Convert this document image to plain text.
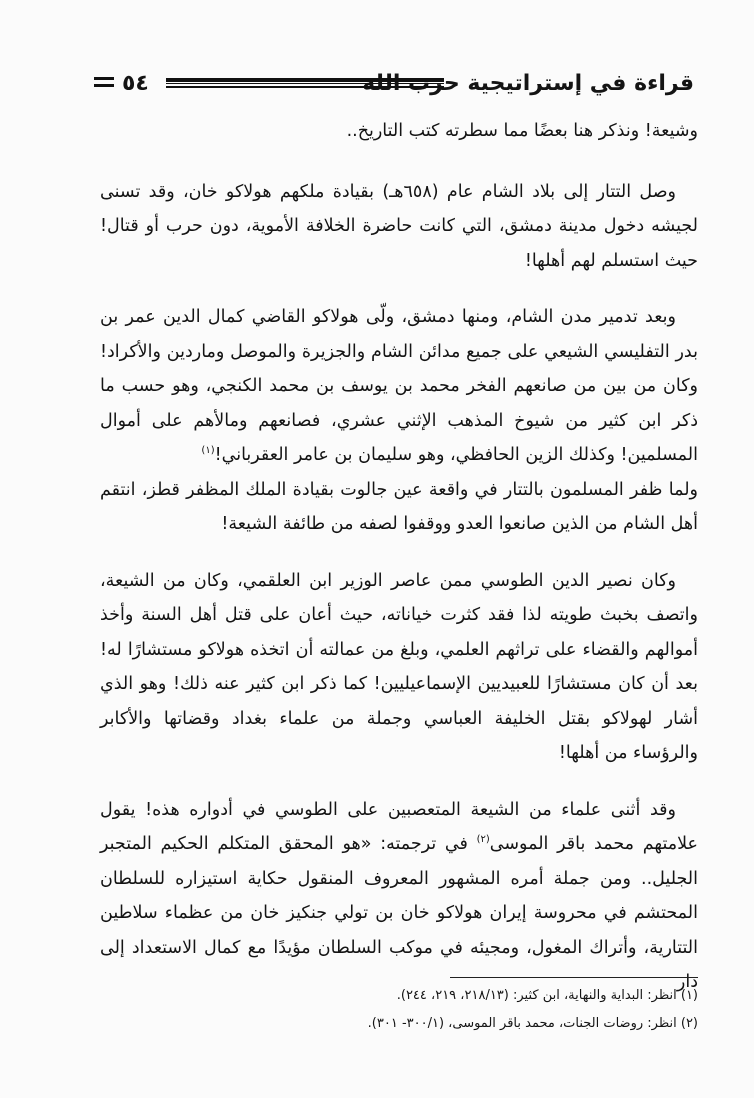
قراءة في إستراتيجية حزب الله
٥٤

وشيعة! ونذكر هنا بعضًا مما سطرته كتب التاريخ..

وصل التتار إلى بلاد الشام عام (٦٥٨هـ) بقيادة ملكهم هولاكو خان، وقد تسنى لجيشه دخول مدينة دمشق، التي كانت حاضرة الخلافة الأموية، دون حرب أو قتال! حيث استسلم لهم أهلها!

وبعد تدمير مدن الشام، ومنها دمشق، ولّى هولاكو القاضي كمال الدين عمر بن بدر التفليسي الشيعي على جميع مدائن الشام والجزيرة والموصل وماردين والأكراد! وكان من بين من صانعهم الفخر محمد بن يوسف بن محمد الكنجي، وهو حسب ما ذكر ابن كثير من شيوخ المذهب الإثني عشري، فصانعهم ومالأهم على أموال المسلمين! وكذلك الزين الحافظي، وهو سليمان بن عامر العقرباني!$^{(١)}$

ولما ظفر المسلمون بالتتار في واقعة عين جالوت بقيادة الملك المظفر قطز، انتقم أهل الشام من الذين صانعوا العدو ووقفوا لصفه من طائفة الشيعة!

وكان نصير الدين الطوسي ممن عاصر الوزير ابن العلقمي، وكان من الشيعة، واتصف بخبث طويته لذا فقد كثرت خياناته، حيث أعان على قتل أهل السنة وأخذ أموالهم والقضاء على تراثهم العلمي، وبلغ من عمالته أن اتخذه هولاكو مستشارًا له! بعد أن كان مستشارًا للعبيديين الإسماعيليين! كما ذكر ابن كثير عنه ذلك! وهو الذي أشار لهولاكو بقتل الخليفة العباسي وجملة من علماء بغداد وقضاتها والأكابر والرؤساء من أهلها!

وقد أثنى علماء من الشيعة المتعصبين على الطوسي في أدواره هذه! يقول علامتهم محمد باقر الموسى$^{(٢)}$ في ترجمته: «هو المحقق المتكلم الحكيم المتجبر الجليل.. ومن جملة أمره المشهور المعروف المنقول حكاية استيزاره للسلطان المحتشم في محروسة إيران هولاكو خان بن تولي جنكيز خان من عظماء سلاطين التتارية، وأتراك المغول، ومجيئه في موكب السلطان مؤيدًا مع كمال الاستعداد إلى دار

(١) انظر: البداية والنهاية، ابن كثير: (٢١٨/١٣، ٢١٩، ٢٤٤).

(٢) انظر: روضات الجنات، محمد باقر الموسى، (٣٠٠/١- ٣٠١).
